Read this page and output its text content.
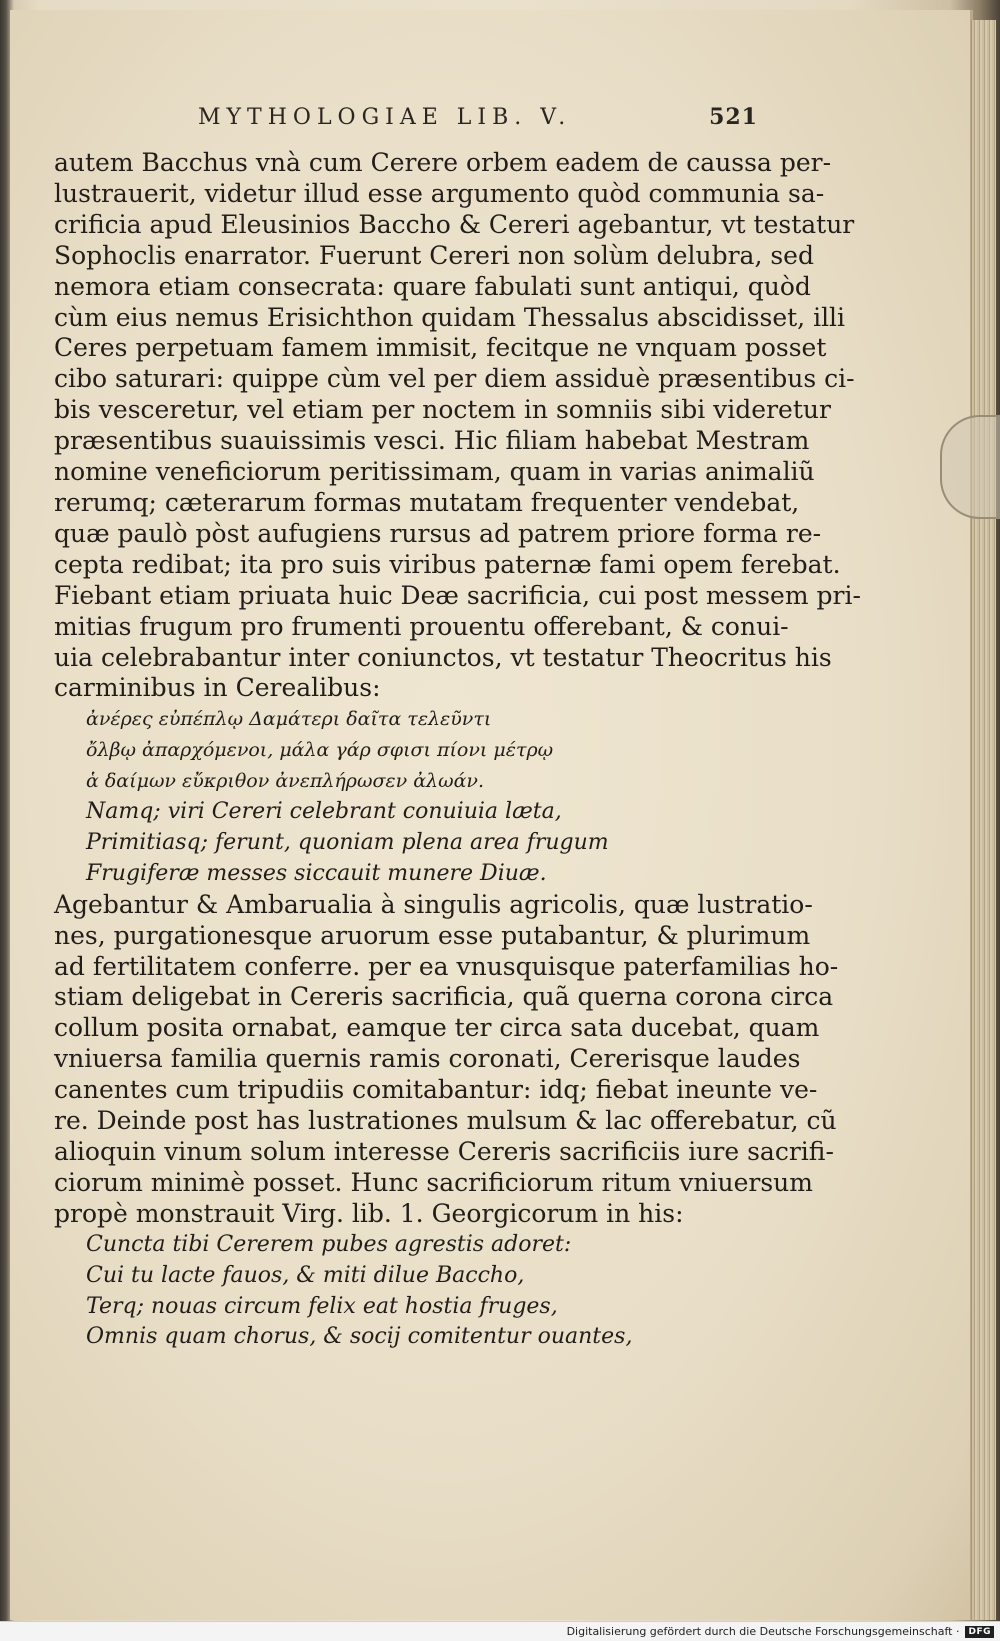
MYTHOLOGIAE LIB. V.	521
autem Bacchus vnà cum Cerere orbem eadem de caussa per-
lustrauerit, videtur illud esse argumento quòd communia sa-
crificia apud Eleusinios Baccho & Cereri agebantur, vt testatur
Sophoclis enarrator. Fuerunt Cereri non solùm delubra, sed
nemora etiam consecrata: quare fabulati sunt antiqui, quòd
cùm eius nemus Erisichthon quidam Thessalus abscidisset, illi
Ceres perpetuam famem immisit, fecitque ne vnquam posset
cibo saturari: quippe cùm vel per diem assiduè præsentibus ci-
bis vesceretur, vel etiam per noctem in somniis sibi videretur
præsentibus suauissimis vesci. Hic filiam habebat Mestram
nomine veneficiorum peritissimam, quam in varias animaliũ
rerumq; cæterarum formas mutatam frequenter vendebat,
quæ paulò pòst aufugiens rursus ad patrem priore forma re-
cepta redibat; ita pro suis viribus paternæ fami opem ferebat.
Fiebant etiam priuata huic Deæ sacrificia, cui post messem pri-
mitias frugum pro frumenti prouentu offerebant, & conui-
uia celebrabantur inter coniunctos, vt testatur Theocritus his
carminibus in Cerealibus:
ἀνέρες εὐπέπλῳ Δαμάτερι δαῖτα τελεῦντι
ὄλβῳ ἀπαρχόμενοι, μάλα γάρ σφισι πίονι μέτρῳ
ἁ δαίμων εὔκριθον ἀνεπλήρωσεν ἀλωάν.
Namq; viri Cereri celebrant conuiuia læta,
Primitiasq; ferunt, quoniam plena area frugum
Frugiferæ messes siccauit munere Diuæ.
Agebantur & Ambarualia à singulis agricolis, quæ lustratio-
nes, purgationesque aruorum esse putabantur, & plurimum
ad fertilitatem conferre. per ea vnusquisque paterfamilias ho-
stiam deligebat in Cereris sacrificia, quã querna corona circa
collum posita ornabat, eamque ter circa sata ducebat, quam
vniuersa familia quernis ramis coronati, Cererisque laudes
canentes cum tripudiis comitabantur: idq; fiebat ineunte ve-
re. Deinde post has lustrationes mulsum & lac offerebatur, cũ
alioquin vinum solum interesse Cereris sacrificiis iure sacrifi-
ciorum minimè posset. Hunc sacrificiorum ritum vniuersum
propè monstrauit Virg. lib. 1. Georgicorum in his:
Cuncta tibi Cererem pubes agrestis adoret:
Cui tu lacte fauos, & miti dilue Baccho,
Terq; nouas circum felix eat hostia fruges,
Omnis quam chorus, & socij comitentur ouantes,
Digitalisierung gefördert durch die Deutsche Forschungsgemeinschaft ·	DFG
